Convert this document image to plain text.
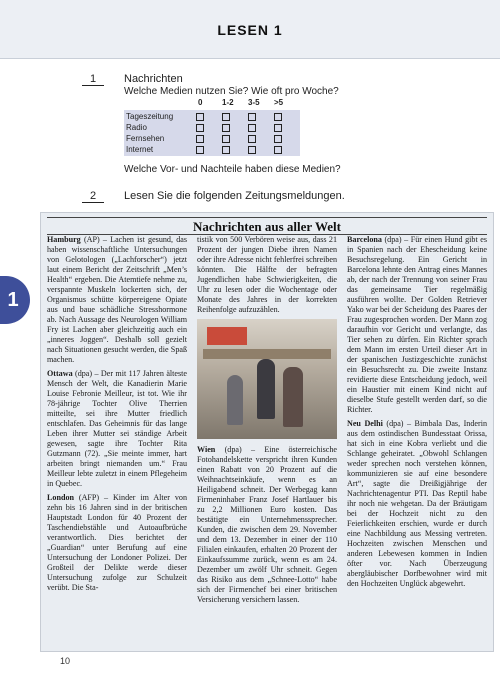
LESEN 1
1
1	Nachrichten
Welche Medien nutzen Sie? Wie oft pro Woche?
0 1-2 3-5 >5
Tageszeitung
Radio
Fernsehen
Internet
Welche Vor- und Nachteile haben diese Medien?
2	Lesen Sie die folgenden Zeitungsmeldungen.
Nachrichten aus aller Welt

Hamburg (AP) – Lachen ist gesund, das haben wissenschaftliche Untersuchungen von Gelotologen („Lachforscher“) jetzt laut einem Bericht der Zeitschrift „Men’s Health“ ergeben. Die Atemtiefe nehme zu, verspannte Muskeln lockerten sich, der Organismus schütte körpereigene Opiate aus und baue schädliche Stresshormone ab. Nach Aussage des Neurologen William Fry ist Lachen aber gleichzeitig auch ein „inneres Joggen“. Deshalb soll gezielt nach Situationen gesucht werden, die Spaß machen.

Ottawa (dpa) – Der mit 117 Jahren älteste Mensch der Welt, die Kanadierin Marie Louise Febronie Meilleur, ist tot. Wie ihr 78-jährige Tochter Olive Therrien mitteilte, sei ihre Mutter friedlich entschlafen. Das Geheimnis für das lange Leben ihrer Mutter sei ständige Arbeit gewesen, sagte ihre Tochter Rita Gutzmann (72). „Sie meinte immer, hart arbeiten bringt niemanden um.“ Frau Meilleur lebte zuletzt in einem Pflegeheim in Quebec.

London (AFP) – Kinder im Alter von zehn bis 16 Jahren sind in der britischen Hauptstadt London für 40 Prozent der Taschendiebstähle und Autoaufbrüche verantwortlich. Dies berichtet der „Guardian“ unter Berufung auf eine Untersuchung der Londoner Polizei. Der Großteil der Delikte werde dieser Untersuchung zufolge zur Schulzeit verübt. Die Sta-

tistik von 500 Verbören weise aus, dass 21 Prozent der jungen Diebe ihren Namen oder ihre Adresse nicht fehlerfrei schreiben könnten. Die Hälfte der befragten Jugendlichen habe Schwierigkeiten, die Uhr zu lesen oder die Wochentage oder Monate des Jahres in der korrekten Reihenfolge aufzuzählen.

Wien (dpa) – Eine österreichische Fotohandelskette verspricht ihren Kunden einen Rabatt von 20 Prozent auf die Weihnachtseinkäufe, wenn es an Heiligabend schneit. Der Werbegag kann Firmeninhaber Franz Josef Hartlauer bis zu 2,2 Millionen Euro kosten. Das bestätigte ein Unternehmenssprecher. Kunden, die zwischen dem 29. November und dem 13. Dezember in einer der 110 Filialen einkaufen, erhalten 20 Prozent der Einkaufssumme zurück, wenn es am 24. Dezember um zwölf Uhr schneit. Gegen das Risiko aus dem „Schnee-Lotto“ habe sich der Firmenchef bei einer britischen Versicherung versichern lassen.

Barcelona (dpa) – Für einen Hund gibt es in Spanien nach der Ehescheidung keine Besuchsregelung. Ein Gericht in Barcelona lehnte den Antrag eines Mannes ab, der nach der Trennung von seiner Frau das gemeinsame Tier regelmäßig ausführen wollte. Der Golden Retriever Yako war bei der Scheidung des Paares der Frau zugesprochen worden. Der Mann zog daraufhin vor Gericht und verlangte, das Tier sehen zu dürfen. Ein Richter sprach dem Mann im ersten Urteil dieser Art in der spanischen Justizgeschichte zunächst ein Besuchsrecht zu. Die zweite Instanz revidierte diese Entscheidung jedoch, weil ein Haustier mit einem Kind nicht auf dieselbe Stufe gestellt werden darf, so die Richter.

Neu Delhi (dpa) – Bimbala Das, Inderin aus dem ostindischen Bundesstaat Orissa, hat sich in eine Kobra verliebt und die Schlange geheiratet. „Obwohl Schlangen weder sprechen noch verstehen können, kommunizieren sie auf eine besondere Art“, sagte die Dreißigjährige der Nachrichtenagentur PTI. Das Reptil habe ihr noch nie wehgetan. Da der Bräutigam bei der Hochzeit nicht zu den Feierlichkeiten erschien, wurde er durch eine Nachbildung aus Messing vertreten. Hochzeiten zwischen Menschen und anderen Lebewesen kommen in Indien öfter vor. Nach Überzeugung abergläubischer Dorfbewohner wird mit den Hochzeiten Unglück abgewehrt.

10
